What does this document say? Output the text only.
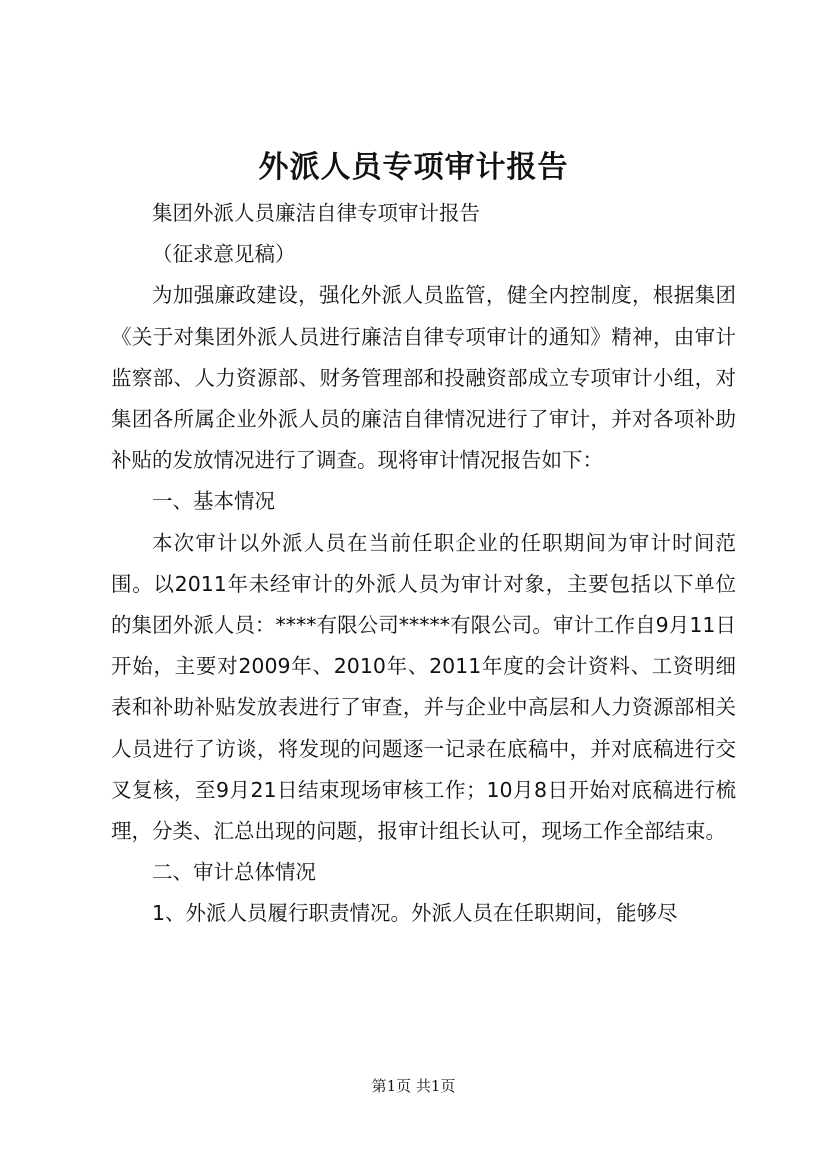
外派人员专项审计报告

集团外派人员廉洁自律专项审计报告

（征求意见稿）

为加强廉政建设，强化外派人员监管，健全内控制度，根据集团《关于对集团外派人员进行廉洁自律专项审计的通知》精神，由审计监察部、人力资源部、财务管理部和投融资部成立专项审计小组，对集团各所属企业外派人员的廉洁自律情况进行了审计，并对各项补助补贴的发放情况进行了调查。现将审计情况报告如下：

一、基本情况

本次审计以外派人员在当前任职企业的任职期间为审计时间范围。以2011年未经审计的外派人员为审计对象，主要包括以下单位的集团外派人员：****有限公司*****有限公司。审计工作自9月11日开始，主要对2009年、2010年、2011年度的会计资料、工资明细表和补助补贴发放表进行了审查，并与企业中高层和人力资源部相关人员进行了访谈，将发现的问题逐一记录在底稿中，并对底稿进行交叉复核，至9月21日结束现场审核工作；10月8日开始对底稿进行梳理，分类、汇总出现的问题，报审计组长认可，现场工作全部结束。

二、审计总体情况

1、外派人员履行职责情况。外派人员在任职期间，能够尽

第1页 共1页
